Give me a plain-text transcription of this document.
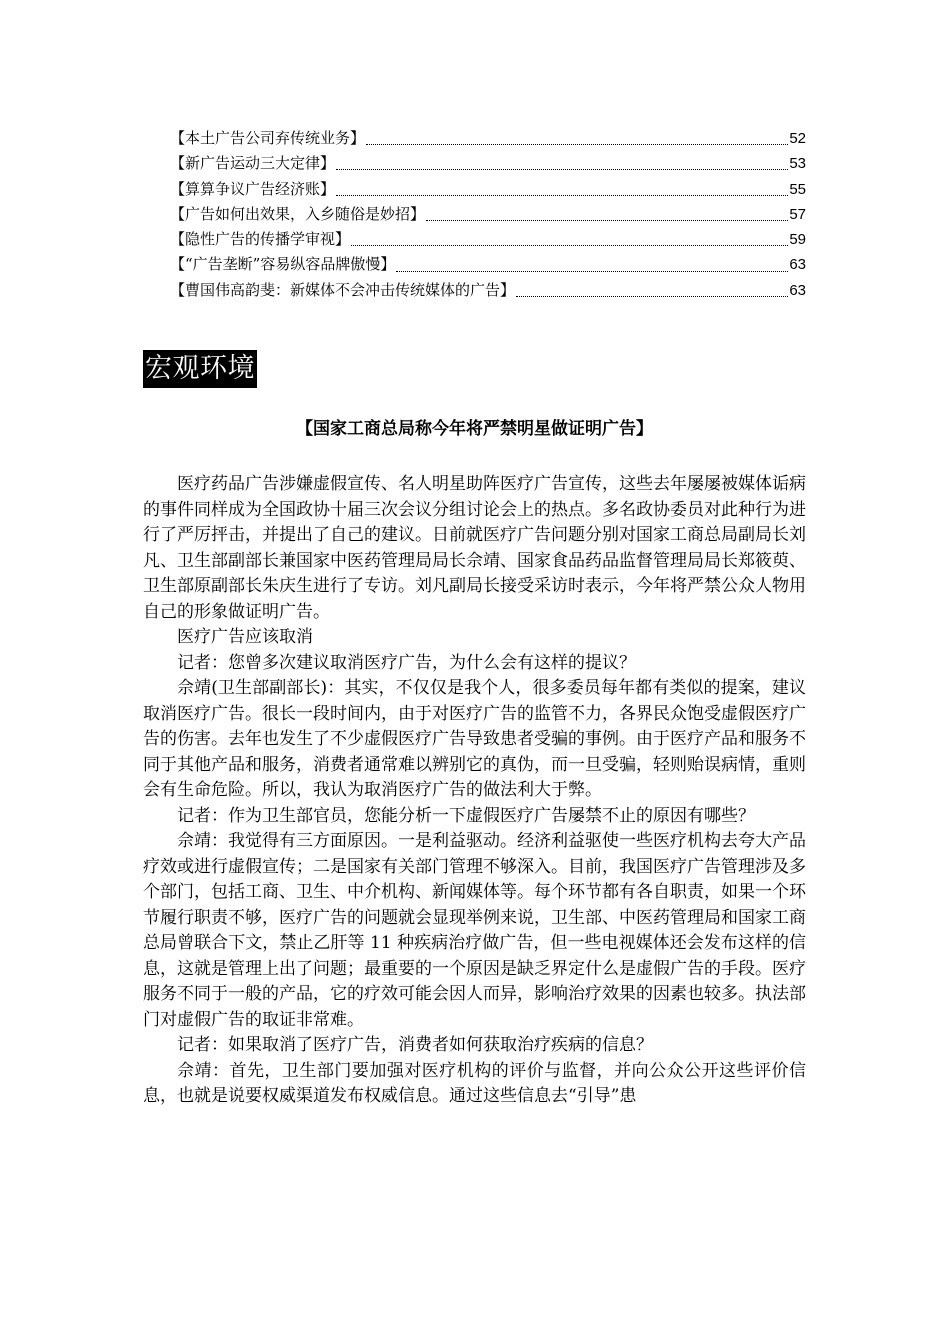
【本土广告公司弃传统业务】	52
【新广告运动三大定律】	53
【算算争议广告经济账】	55
【广告如何出效果，入乡随俗是妙招】	57
【隐性广告的传播学审视】	59
【“广告垄断”容易纵容品牌傲慢】	63
【曹国伟高韵斐：新媒体不会冲击传统媒体的广告】	63
宏观环境
【国家工商总局称今年将严禁明星做证明广告】

医疗药品广告涉嫌虚假宣传、名人明星助阵医疗广告宣传，这些去年屡屡被媒体诟病的事件同样成为全国政协十届三次会议分组讨论会上的热点。多名政协委员对此种行为进行了严厉抨击，并提出了自己的建议。日前就医疗广告问题分别对国家工商总局副局长刘凡、卫生部副部长兼国家中医药管理局局长佘靖、国家食品药品监督管理局局长郑筱萸、卫生部原副部长朱庆生进行了专访。刘凡副局长接受采访时表示，今年将严禁公众人物用自己的形象做证明广告。

医疗广告应该取消

记者：您曾多次建议取消医疗广告，为什么会有这样的提议？

佘靖(卫生部副部长)：其实，不仅仅是我个人，很多委员每年都有类似的提案，建议取消医疗广告。很长一段时间内，由于对医疗广告的监管不力，各界民众饱受虚假医疗广告的伤害。去年也发生了不少虚假医疗广告导致患者受骗的事例。由于医疗产品和服务不同于其他产品和服务，消费者通常难以辨别它的真伪，而一旦受骗，轻则贻误病情，重则会有生命危险。所以，我认为取消医疗广告的做法利大于弊。

记者：作为卫生部官员，您能分析一下虚假医疗广告屡禁不止的原因有哪些？

佘靖：我觉得有三方面原因。一是利益驱动。经济利益驱使一些医疗机构去夸大产品疗效或进行虚假宣传；二是国家有关部门管理不够深入。目前，我国医疗广告管理涉及多个部门，包括工商、卫生、中介机构、新闻媒体等。每个环节都有各自职责，如果一个环节履行职责不够，医疗广告的问题就会显现举例来说，卫生部、中医药管理局和国家工商总局曾联合下文，禁止乙肝等 11 种疾病治疗做广告，但一些电视媒体还会发布这样的信息，这就是管理上出了问题；最重要的一个原因是缺乏界定什么是虚假广告的手段。医疗服务不同于一般的产品，它的疗效可能会因人而异，影响治疗效果的因素也较多。执法部门对虚假广告的取证非常难。

记者：如果取消了医疗广告，消费者如何获取治疗疾病的信息？

佘靖：首先，卫生部门要加强对医疗机构的评价与监督，并向公众公开这些评价信息，也就是说要权威渠道发布权威信息。通过这些信息去“引导”患
